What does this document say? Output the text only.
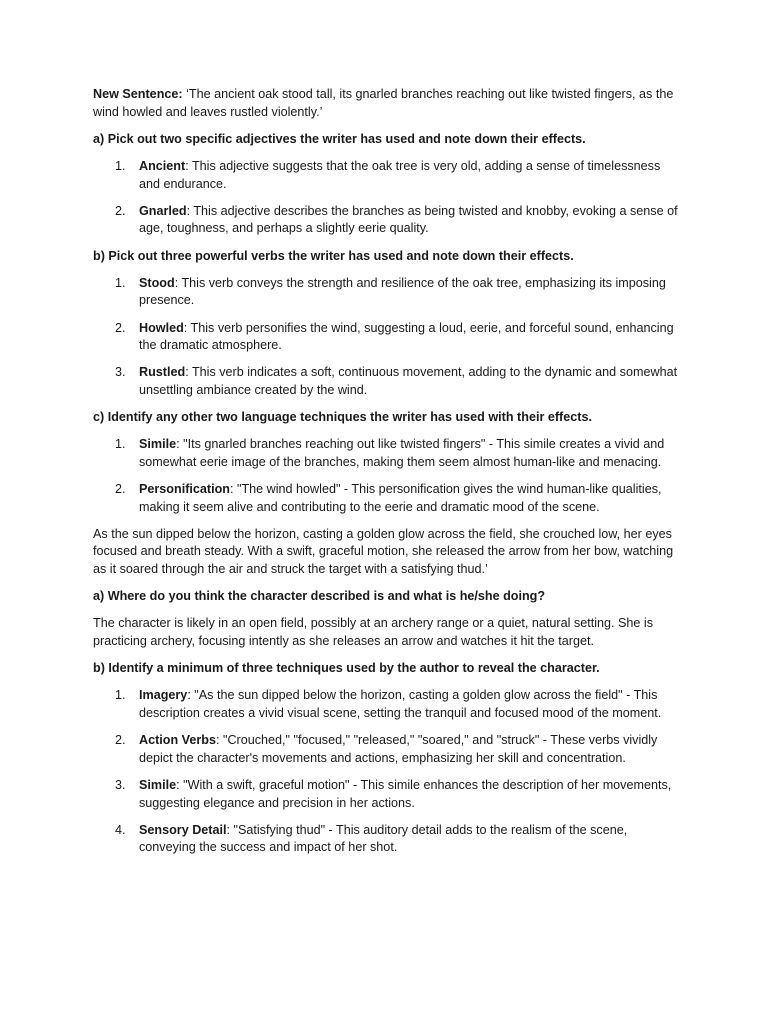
New Sentence: ‘The ancient oak stood tall, its gnarled branches reaching out like twisted fingers, as the wind howled and leaves rustled violently.’

a) Pick out two specific adjectives the writer has used and note down their effects.

1. Ancient: This adjective suggests that the oak tree is very old, adding a sense of timelessness and endurance.
2. Gnarled: This adjective describes the branches as being twisted and knobby, evoking a sense of age, toughness, and perhaps a slightly eerie quality.

b) Pick out three powerful verbs the writer has used and note down their effects.

1. Stood: This verb conveys the strength and resilience of the oak tree, emphasizing its imposing presence.
2. Howled: This verb personifies the wind, suggesting a loud, eerie, and forceful sound, enhancing the dramatic atmosphere.
3. Rustled: This verb indicates a soft, continuous movement, adding to the dynamic and somewhat unsettling ambiance created by the wind.

c) Identify any other two language techniques the writer has used with their effects.

1. Simile: "Its gnarled branches reaching out like twisted fingers" - This simile creates a vivid and somewhat eerie image of the branches, making them seem almost human-like and menacing.
2. Personification: "The wind howled" - This personification gives the wind human-like qualities, making it seem alive and contributing to the eerie and dramatic mood of the scene.

As the sun dipped below the horizon, casting a golden glow across the field, she crouched low, her eyes focused and breath steady. With a swift, graceful motion, she released the arrow from her bow, watching as it soared through the air and struck the target with a satisfying thud.’

a) Where do you think the character described is and what is he/she doing?

The character is likely in an open field, possibly at an archery range or a quiet, natural setting. She is practicing archery, focusing intently as she releases an arrow and watches it hit the target.

b) Identify a minimum of three techniques used by the author to reveal the character.

1. Imagery: "As the sun dipped below the horizon, casting a golden glow across the field" - This description creates a vivid visual scene, setting the tranquil and focused mood of the moment.
2. Action Verbs: "Crouched," "focused," "released," "soared," and "struck" - These verbs vividly depict the character's movements and actions, emphasizing her skill and concentration.
3. Simile: "With a swift, graceful motion" - This simile enhances the description of her movements, suggesting elegance and precision in her actions.
4. Sensory Detail: "Satisfying thud" - This auditory detail adds to the realism of the scene, conveying the success and impact of her shot.
